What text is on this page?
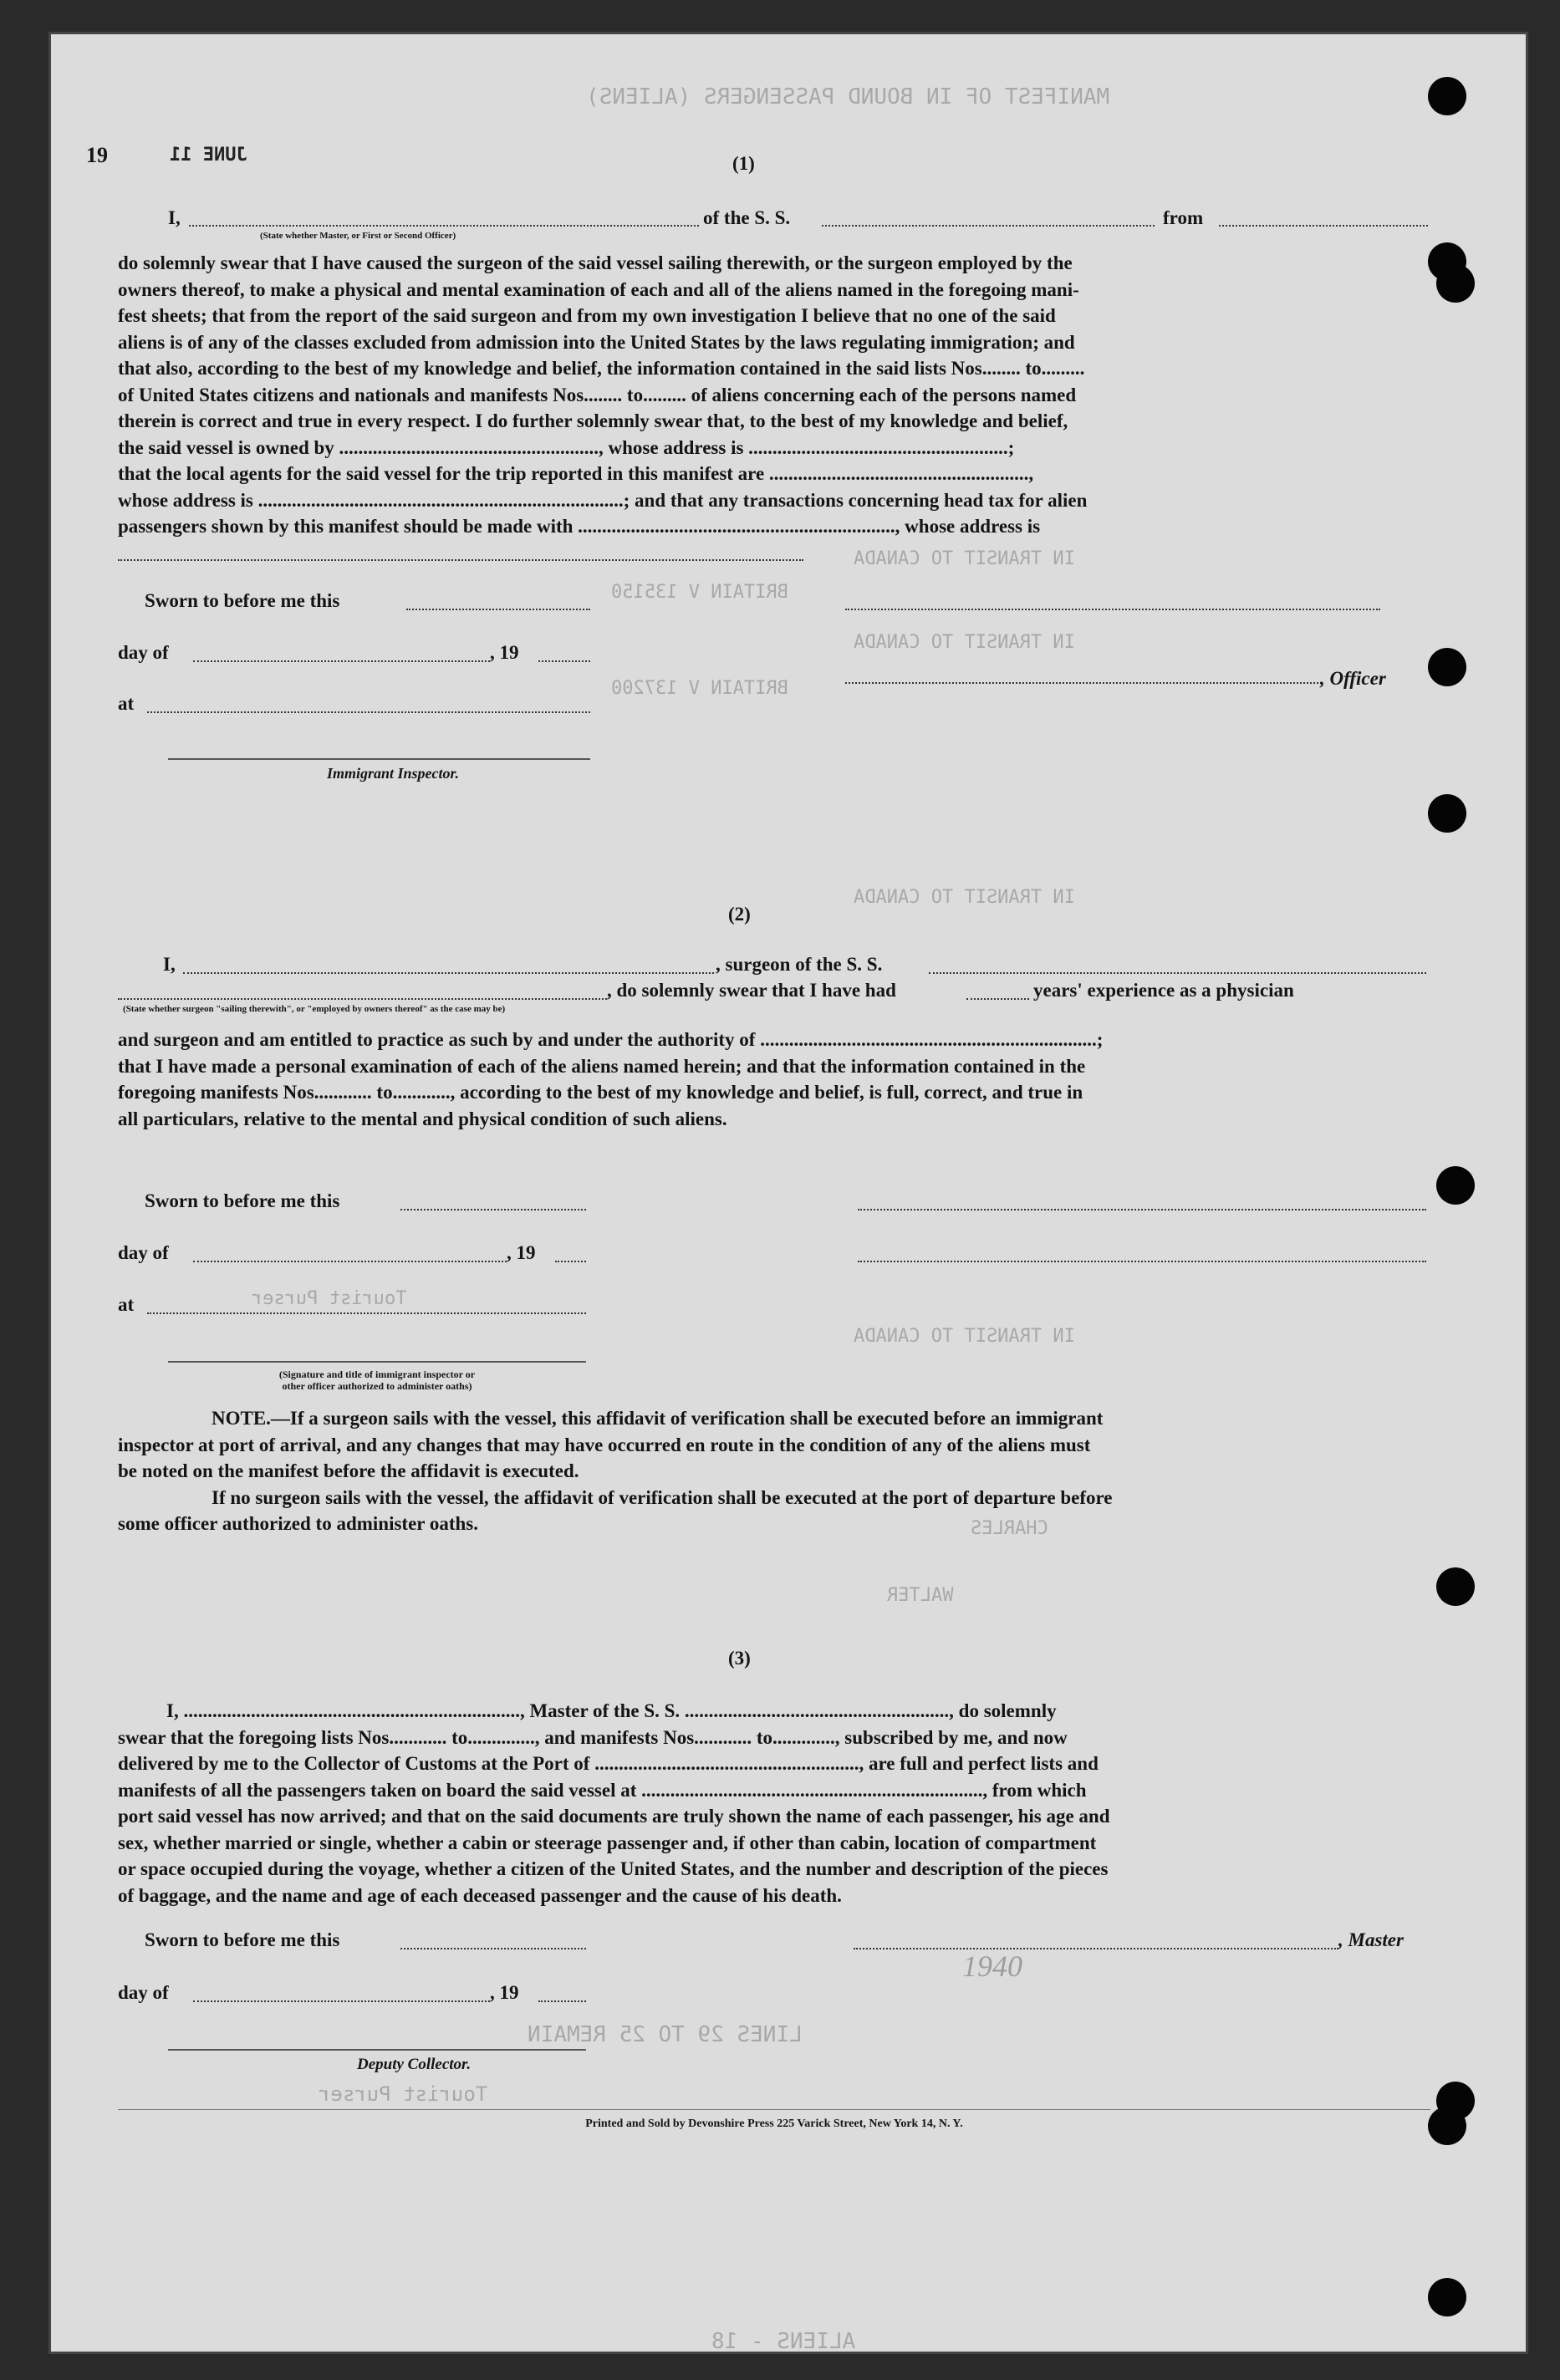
MANIFEST OF IN BOUND PASSENGERS (ALIENS)
IN TRANSIT TO CANADA
IN TRANSIT TO CANADA
IN TRANSIT TO CANADA
IN TRANSIT TO CANADA
BRITAIN V 135150
BRITAIN V 137200
WALTER
CHARLES
LINES 29 TO 25 REMAIN
Tourist Purser
JUNE 11
19	(1)
I,	of the S. S.	from
(State whether Master, or First or Second Officer)
do solemnly swear that I have caused the surgeon of the said vessel sailing therewith, or the surgeon employed by the
owners thereof, to make a physical and mental examination of each and all of the aliens named in the foregoing mani-
fest sheets; that from the report of the said surgeon and from my own investigation I believe that no one of the said
aliens is of any of the classes excluded from admission into the United States by the laws regulating immigration; and
that also, according to the best of my knowledge and belief, the information contained in the said lists Nos........ to.........
of United States citizens and nationals and manifests Nos........ to......... of aliens concerning each of the persons named
therein is correct and true in every respect. I do further solemnly swear that, to the best of my knowledge and belief,
the said vessel is owned by ......................................................, whose address is ......................................................;
that the local agents for the said vessel for the trip reported in this manifest are ......................................................,
whose address is ............................................................................; and that any transactions concerning head tax for alien
passengers shown by this manifest should be made with .................................................................., whose address is
Sworn to before me this
day of	, 19
at
Immigrant Inspector.
, Officer
(2)
I,	, surgeon of the S. S.
, do solemnly swear that I have had	years' experience as a physician
(State whether surgeon "sailing therewith", or "employed by owners thereof" as the case may be)
and surgeon and am entitled to practice as such by and under the authority of ......................................................................;
that I have made a personal examination of each of the aliens named herein; and that the information contained in the
foregoing manifests Nos............ to............, according to the best of my knowledge and belief, is full, correct, and true in
all particulars, relative to the mental and physical condition of such aliens.
Sworn to before me this
day of	, 19
at	Tourist Purser
(Signature and title of immigrant inspector or
other officer authorized to administer oaths)
NOTE.—If a surgeon sails with the vessel, this affidavit of verification shall be executed before an immigrant
inspector at port of arrival, and any changes that may have occurred en route in the condition of any of the aliens must
be noted on the manifest before the affidavit is executed.
If no surgeon sails with the vessel, the affidavit of verification shall be executed at the port of departure before
some officer authorized to administer oaths.
(3)
I, ......................................................................, Master of the S. S. ......................................................., do solemnly
swear that the foregoing lists Nos............ to.............., and manifests Nos............ to............., subscribed by me, and now
delivered by me to the Collector of Customs at the Port of ......................................................., are full and perfect lists and
manifests of all the passengers taken on board the said vessel at ......................................................................., from which
port said vessel has now arrived; and that on the said documents are truly shown the name of each passenger, his age and
sex, whether married or single, whether a cabin or steerage passenger and, if other than cabin, location of compartment
or space occupied during the voyage, whether a citizen of the United States, and the number and description of the pieces
of baggage, and the name and age of each deceased passenger and the cause of his death.
Sworn to before me this	, Master
day of	, 19
1940
Deputy Collector.
Printed and Sold by Devonshire Press 225 Varick Street, New York 14, N. Y.
ALIENS - 18
